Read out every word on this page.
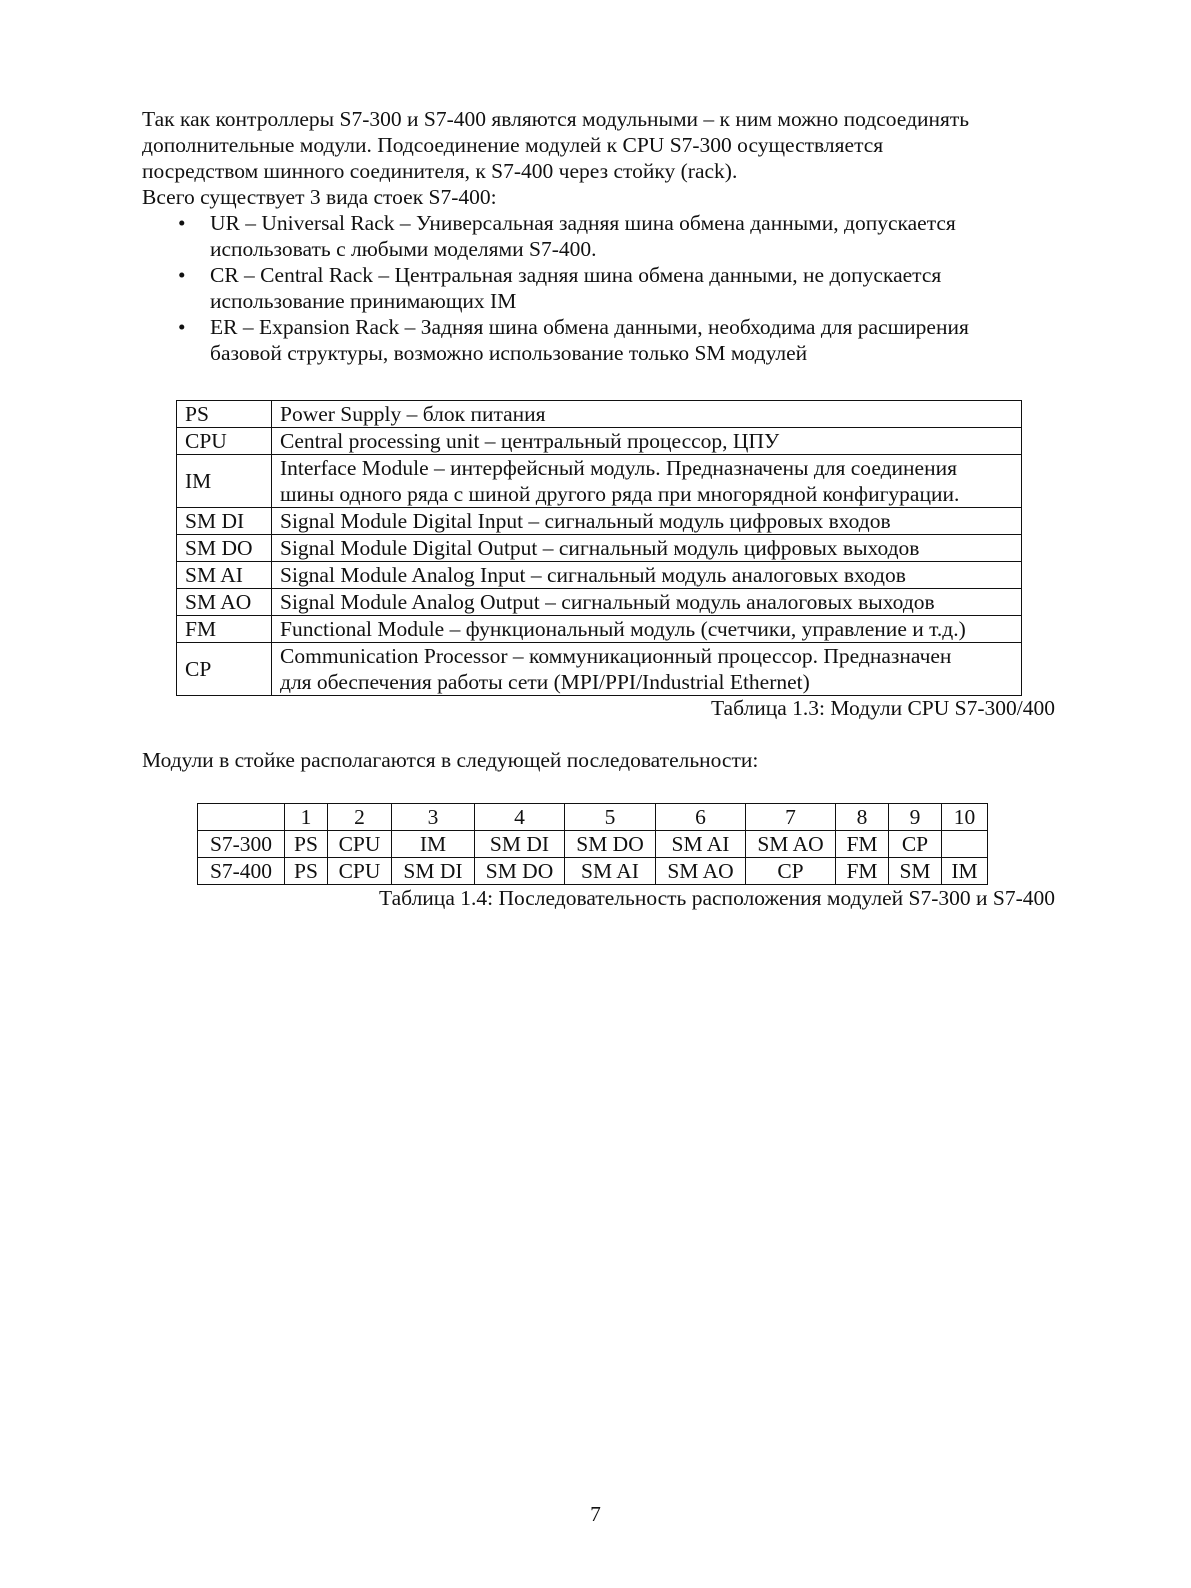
Так как контроллеры S7-300 и S7-400 являются модульными – к ним можно подсоединять

дополнительные модули. Подсоединение модулей к CPU S7-300 осуществляется

посредством шинного соединителя, к S7-400 через стойку (rack).

Всего существует 3 вида стоек S7-400:

• UR – Universal Rack – Универсальная задняя шина обмена данными, допускается
использовать с любыми моделями S7-400.
• CR – Central Rack – Центральная задняя шина обмена данными, не допускается
использование принимающих IM
• ER – Expansion Rack – Задняя шина обмена данными, необходима для расширения
базовой структуры, возможно использование только SM модулей
PS	Power Supply – блок питания

CPU	Central processing unit – центральный процессор, ЦПУ

IM	Interface Module – интерфейсный модуль. Предназначены для соединения
шины одного ряда с шиной другого ряда при многорядной конфигурации.

SM DI	Signal Module Digital Input – сигнальный модуль цифровых входов

SM DO	Signal Module Digital Output – сигнальный модуль цифровых выходов

SM AI	Signal Module Analog Input – сигнальный модуль аналоговых входов

SM AO	Signal Module Analog Output – сигнальный модуль аналоговых выходов

FM	Functional Module – функциональный модуль (счетчики, управление и т.д.)

CP	Communication Processor – коммуникационный процессор. Предназначен
для обеспечения работы сети (MPI/PPI/Industrial Ethernet)
Таблица 1.3: Модули CPU S7-300/400
Модули в стойке располагаются в следующей последовательности:
	1	2	3	4	5	6	7	8	9	10
S7-300	PS	CPU	IM	SM DI	SM DO	SM AI	SM AO	FM	CP	
S7-400	PS	CPU	SM DI	SM DO	SM AI	SM AO	CP	FM	SM	IM
Таблица 1.4: Последовательность расположения модулей S7-300 и S7-400
7
